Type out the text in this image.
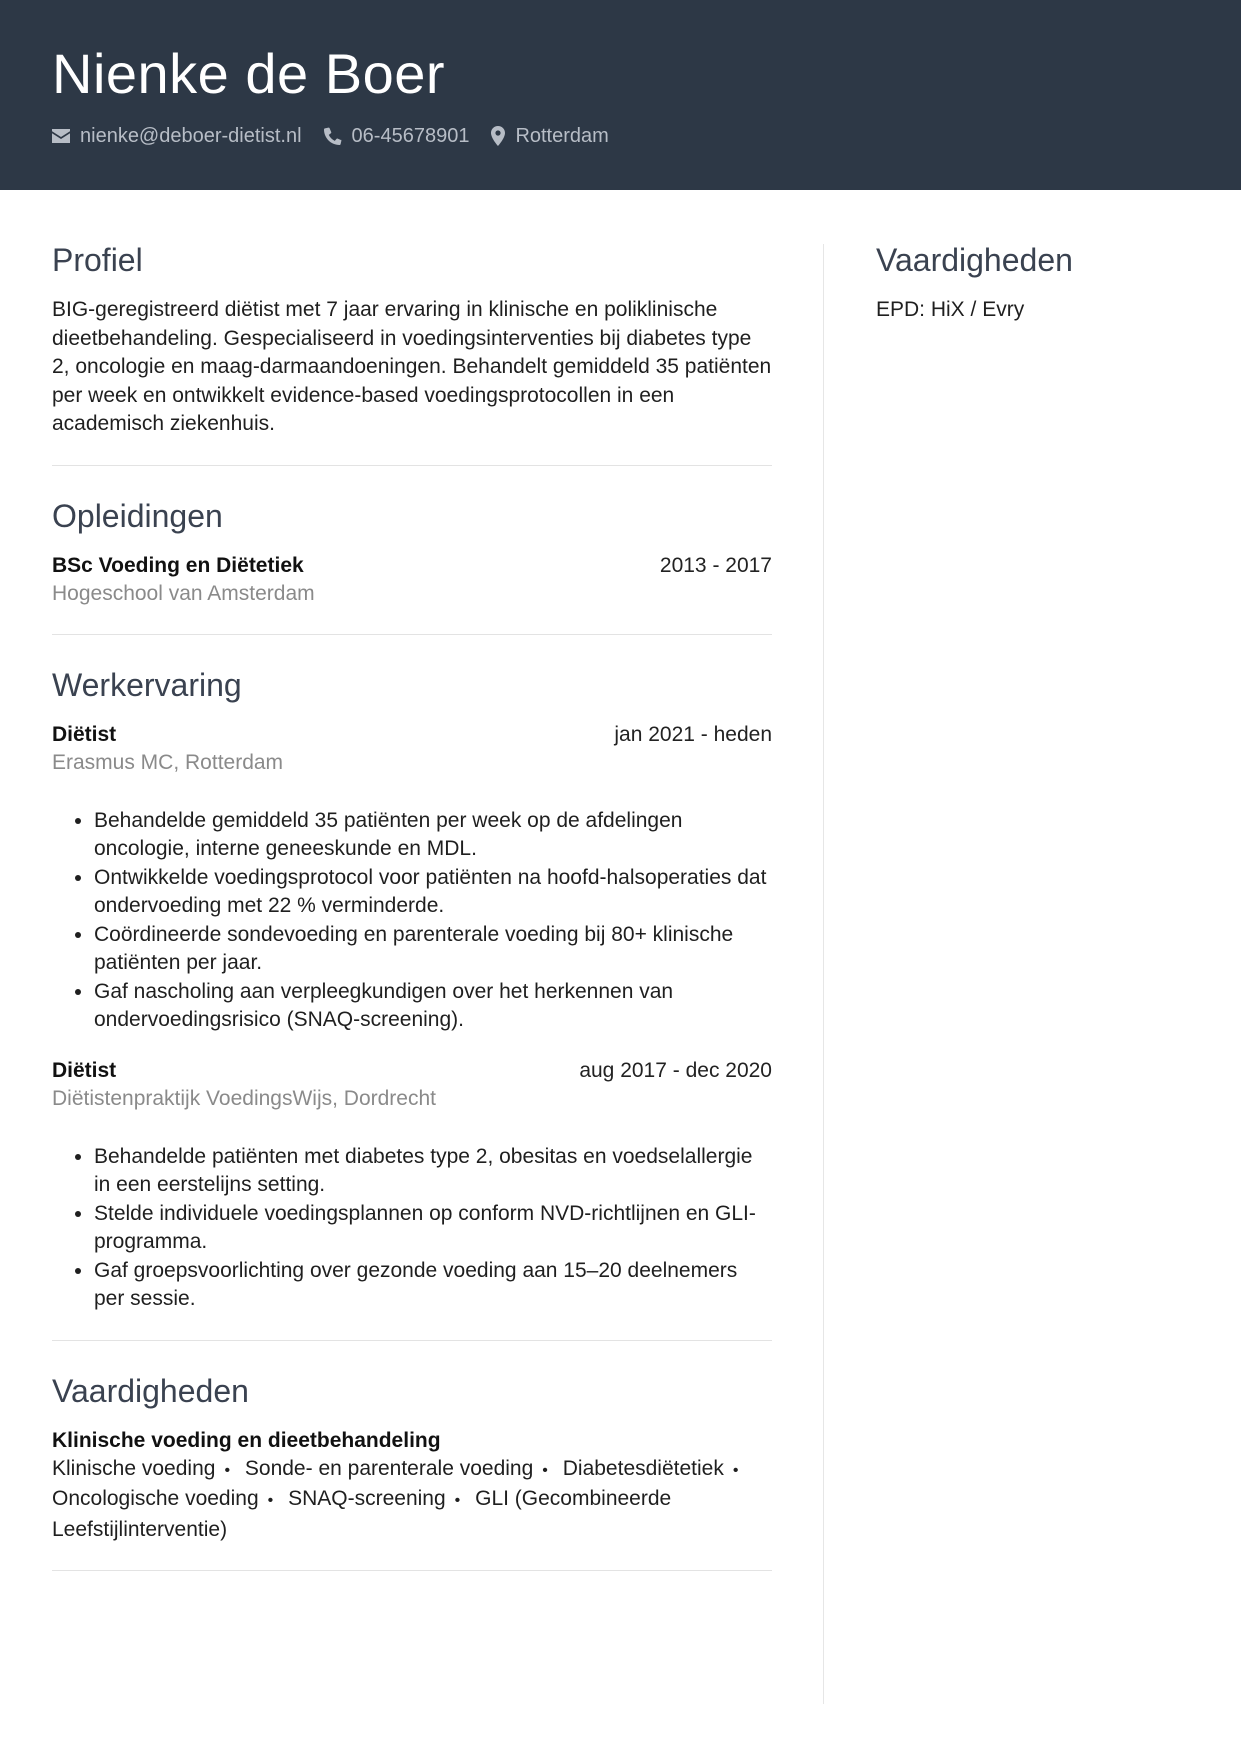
Nienke de Boer
nienke@deboer-dietist.nl	06-45678901 Rotterdam
Profiel
BIG-geregistreerd diëtist met 7 jaar ervaring in klinische en poliklinische dieetbehandeling. Gespecialiseerd in voedingsinterventies bij diabetes type 2, oncologie en maag-darmaandoeningen. Behandelt gemiddeld 35 patiënten per week en ontwikkelt evidence-based voedingsprotocollen in een academisch ziekenhuis.
Opleidingen
BSc Voeding en Diëtetiek	2013 - 2017
Hogeschool van Amsterdam
Werkervaring
Diëtist	jan 2021 - heden
Erasmus MC, Rotterdam
• Behandelde gemiddeld 35 patiënten per week op de afdelingen oncologie, interne geneeskunde en MDL.
• Ontwikkelde voedingsprotocol voor patiënten na hoofd-halsoperaties dat ondervoeding met 22 % verminderde.
• Coördineerde sondevoeding en parenterale voeding bij 80+ klinische patiënten per jaar.
• Gaf nascholing aan verpleegkundigen over het herkennen van ondervoedingsrisico (SNAQ-screening).
Diëtist	aug 2017 - dec 2020
Diëtistenpraktijk VoedingsWijs, Dordrecht
• Behandelde patiënten met diabetes type 2, obesitas en voedselallergie in een eerstelijns setting.
• Stelde individuele voedingsplannen op conform NVD-richtlijnen en GLI-programma.
• Gaf groepsvoorlichting over gezonde voeding aan 15–20 deelnemers per sessie.
Vaardigheden
Klinische voeding en dieetbehandeling
Klinische voeding • Sonde- en parenterale voeding • Diabetesdiëtetiek • Oncologische voeding • SNAQ-screening • GLI (Gecombineerde Leefstijlinterventie)
Vaardigheden
EPD: HiX / Evry
